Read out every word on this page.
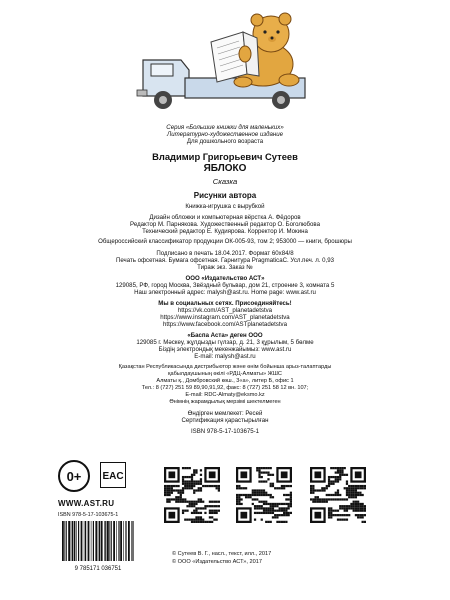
Серия «Большие книжки для маленьких»
Литературно-художественное издание
Для дошкольного возраста
Владимир Григорьевич Сутеев
ЯБЛОКО
Сказка
Рисунки автора
Книжка-игрушка с вырубкой
Дизайн обложки и компьютерная вёрстка А. Фёдоров
Редактор М. Парнякова. Художественный редактор О. Боголюбова
Технический редактор Е. Кудиярова. Корректор И. Мокина
Общероссийский классификатор продукции ОК-005-93, том 2; 953000 — книги, брошюры
Подписано в печать 18.04.2017. Формат 60x84/8
Печать офсетная. Бумага офсетная. Гарнитура PragmaticaC. Усл.печ. л. 0,93
Тираж экз. Заказ №
ООО «Издательство АСТ»
129085, РФ, город Москва, Звёздный бульвар, дом 21, строение 3, комната 5
Наш электронный адрес: malysh@ast.ru. Home page: www.ast.ru
Мы в социальных сетях. Присоединяйтесь!
https://vk.com/AST_planetadetstva
https://www.instagram.com/AST_planetadetstva
https://www.facebook.com/ASTplanetadetstva
«Баспа Аста» деген ООО
129085 г. Мәскеу, жұлдызды гүлзар, д. 21, 3 құрылым, 5 бөлме
Біздің электрондық мекенжайымыз: www.ast.ru
E-mail: malysh@ast.ru
Қазақстан Республикасында дистрибьютор және өнім бойынша арыз-талаптарды
қабылдаушының өкілі «РДЦ-Алматы» ЖШС
Алматы қ., Домбровский көш., 3«а», литер Б, офис 1
Тел.: 8 (727) 251 59 89,90,91,92, факс: 8 (727) 251 58 12 вн. 107;
E-mail: RDC-Almaty@eksmo.kz
Өнімнің жарамдылық мерзімі шектелмеген
Өндірген мемлекет: Ресей
Сертификация қарастырылған
ISBN 978-5-17-103675-1
0+	EAC
WWW.AST.RU
ISBN 978-5-17-103675-1
9 785171 036751
© Сутеев В. Г., насл., текст, илл., 2017
© ООО «Издательство АСТ», 2017
